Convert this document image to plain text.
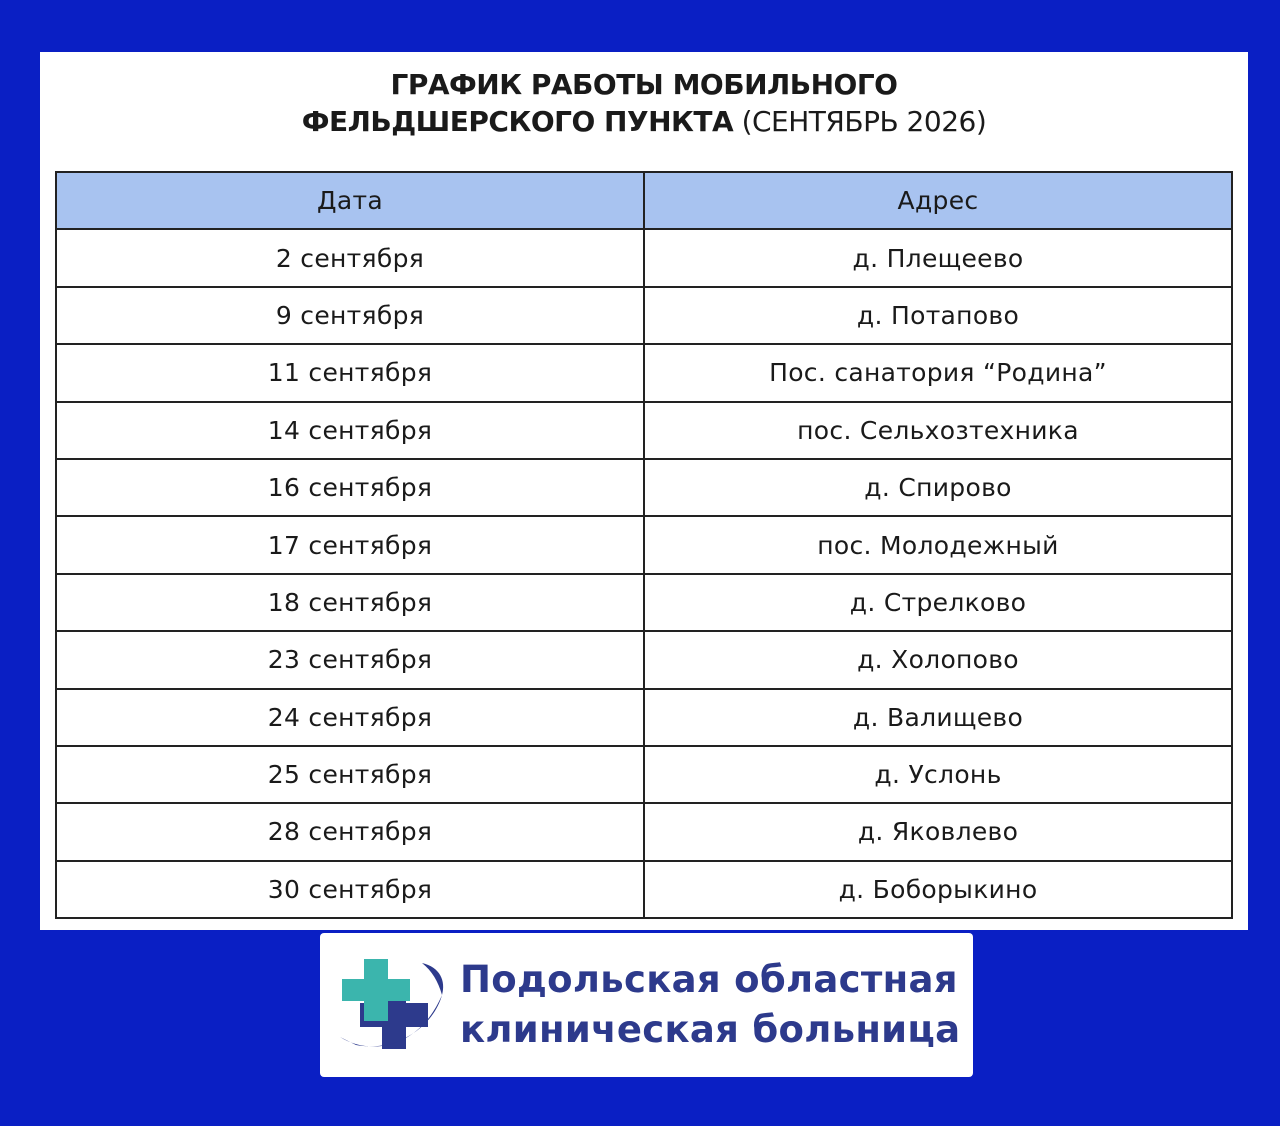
ГРАФИК РАБОТЫ МОБИЛЬНОГО
ФЕЛЬДШЕРСКОГО ПУНКТА (СЕНТЯБРЬ 2026)
Дата	Адрес
2 сентября	д. Плещеево
9 сентября	д. Потапово
11 сентября	Пос. санатория “Родина”
14 сентября	пос. Сельхозтехника
16 сентября	д. Спирово
17 сентября	пос. Молодежный
18 сентября	д. Стрелково
23 сентября	д. Холопово
24 сентября	д. Валищево
25 сентября	д. Услонь
28 сентября	д. Яковлево
30 сентября	д. Боборыкино
Подольская областная
клиническая больница
